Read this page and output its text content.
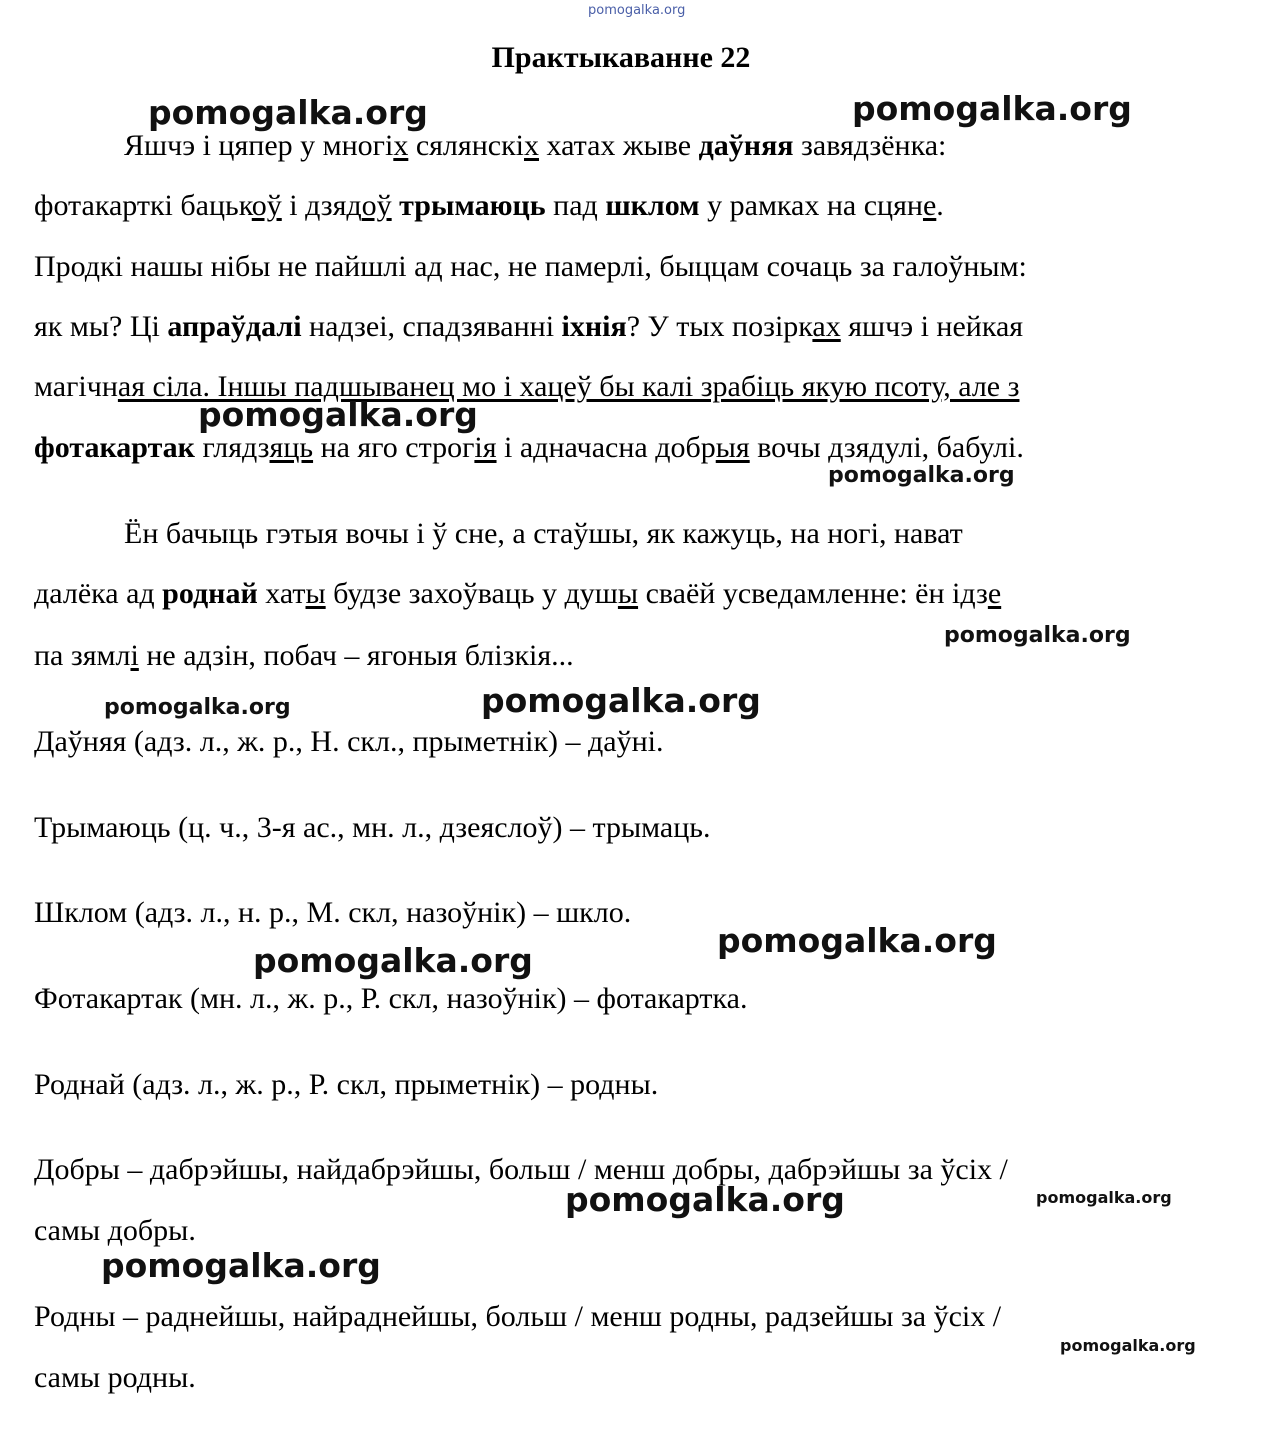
pomogalka.org
Практыкаванне 22
Яшчэ і цяпер у многіх сялянскіх хатах жыве даўняя завядзёнка:
фотакарткі бацькоў і дзядоў трымаюць пад шклом у рамках на сцяне.
Продкі нашы нібы не пайшлі ад нас, не памерлі, быццам сочаць за галоўным:
як мы? Ці апраўдалі надзеі, спадзяванні іхнія? У тых позірках яшчэ і нейкая
магічная сіла. Іншы падшыванец мо і хацеў бы калі зрабіць якую псоту, але з
фотакартак глядзяць на яго строгія і адначасна добрыя вочы дзядулі, бабулі.
Ён бачыць гэтыя вочы і ў сне, а стаўшы, як кажуць, на ногі, нават
далёка ад роднай хаты будзе захоўваць у душы сваёй усведамленне: ён ідзе
па зямлі не адзін, побач – ягоныя блізкія...
Даўняя (адз. л., ж. р., Н. скл., прыметнік) – даўні.
Трымаюць (ц. ч., 3-я ас., мн. л., дзеяслоў) – трымаць.
Шклом (адз. л., н. р., М. скл, назоўнік) – шкло.
Фотакартак (мн. л., ж. р., Р. скл, назоўнік) – фотакартка.
Роднай (адз. л., ж. р., Р. скл, прыметнік) – родны.
Добры – дабрэйшы, найдабрэйшы, больш / менш добры, дабрэйшы за ўсіх /
самы добры.
Родны – раднейшы, найраднейшы, больш / менш родны, радзейшы за ўсіх /
самы родны.
pomogalka.org	pomogalka.org
pomogalka.org
pomogalka.org
pomogalka.org
pomogalka.org	pomogalka.org
pomogalka.org
pomogalka.org
pomogalka.org	pomogalka.org
pomogalka.org
pomogalka.org
